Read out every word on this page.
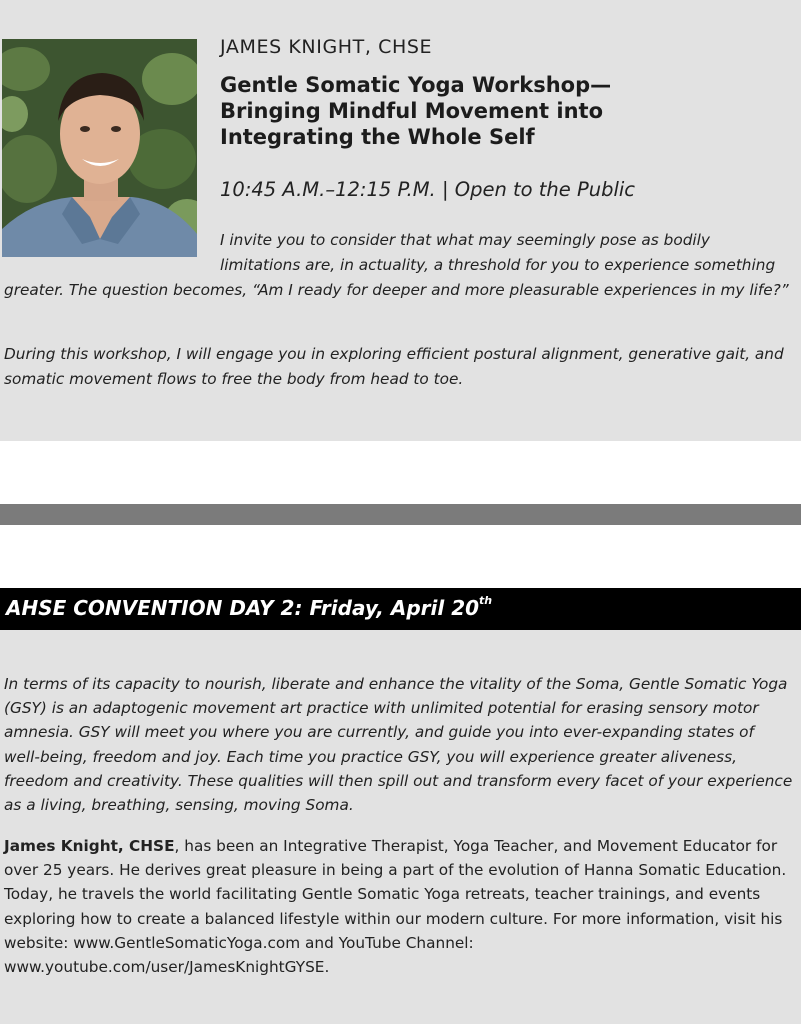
JAMES KNIGHT, CHSE
Gentle Somatic Yoga Workshop—
Bringing Mindful Movement into
Integrating the Whole Self

10:45 A.M.–12:15 P.M. | Open to the Public

I invite you to consider that what may seemingly pose as bodily limitations are, in actuality, a threshold for you to experience something greater. The question becomes, “Am I ready for deeper and more pleasurable experiences in my life?”

During this workshop, I will engage you in exploring efficient postural alignment, generative gait, and somatic movement flows to free the body from head to toe.

AHSE CONVENTION DAY 2: Friday, April 20th

In terms of its capacity to nourish, liberate and enhance the vitality of the Soma, Gentle Somatic Yoga (GSY) is an adaptogenic movement art practice with unlimited potential for erasing sensory motor amnesia. GSY will meet you where you are currently, and guide you into ever-expanding states of well-being, freedom and joy. Each time you practice GSY, you will experience greater aliveness, freedom and creativity. These qualities will then spill out and transform every facet of your experience as a living, breathing, sensing, moving Soma.

James Knight, CHSE, has been an Integrative Therapist, Yoga Teacher, and Movement Educator for over 25 years. He derives great pleasure in being a part of the evolution of Hanna Somatic Education. Today, he travels the world facilitating Gentle Somatic Yoga retreats, teacher trainings, and events exploring how to create a balanced lifestyle within our modern culture. For more information, visit his website: www.GentleSomaticYoga.com and YouTube Channel: www.youtube.com/user/JamesKnightGYSE.
